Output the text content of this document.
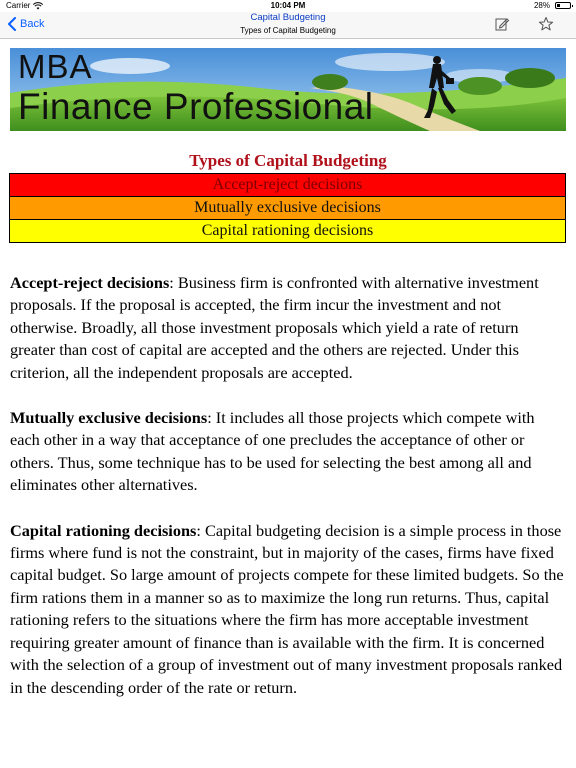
Carrier	10:04 PM	28%
Back
Capital Budgeting
Types of Capital Budgeting
MBA
Finance Professional
Types of Capital Budgeting
Accept-reject decisions
Mutually exclusive decisions
Capital rationing decisions

Accept-reject decisions: Business firm is confronted with alternative investment proposals. If the proposal is accepted, the firm incur the investment and not otherwise. Broadly, all those investment proposals which yield a rate of return greater than cost of capital are accepted and the others are rejected. Under this criterion, all the independent proposals are accepted.

Mutually exclusive decisions: It includes all those projects which compete with each other in a way that acceptance of one precludes the acceptance of other or others. Thus, some technique has to be used for selecting the best among all and eliminates other alternatives.

Capital rationing decisions: Capital budgeting decision is a simple process in those firms where fund is not the constraint, but in majority of the cases, firms have fixed capital budget. So large amount of projects compete for these limited budgets. So the firm rations them in a manner so as to maximize the long run returns. Thus, capital rationing refers to the situations where the firm has more acceptable investment requiring greater amount of finance than is available with the firm. It is concerned with the selection of a group of investment out of many investment proposals ranked in the descending order of the rate or return.
